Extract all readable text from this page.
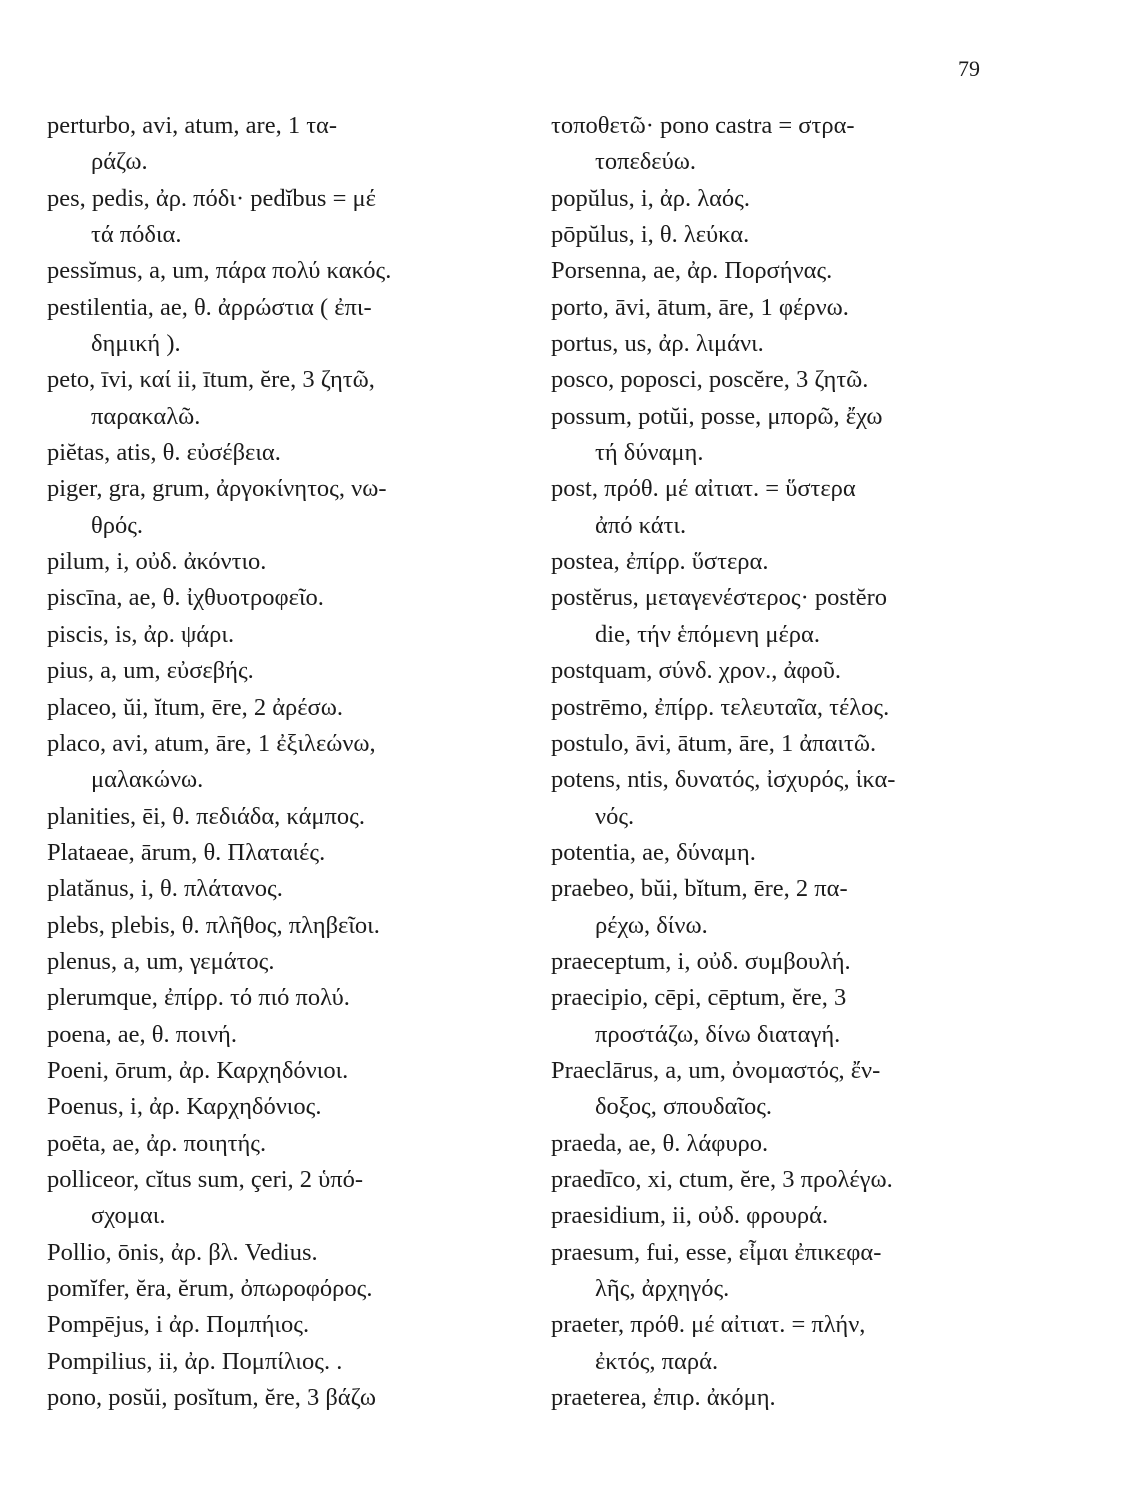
79
perturbo, avi, atum, are, 1 τα-
ράζω.
pes, pedis, ἀρ. πόδι· pedĭbus = μέ
τά πόδια.
pessĭmus, a, um, πάρα πολύ κακός.
pestilentia, ae, θ. ἀρρώστια ( ἐπι-
δημική ).
peto, īvi, καί ii, ītum, ĕre, 3 ζητῶ,
παρακαλῶ.
piĕtas, atis, θ. εὐσέβεια.
piger, gra, grum, ἀργοκίνητος, νω-
θρός.
pilum, i, οὐδ. ἀκόντιο.
piscīna, ae, θ. ἰχθυοτροφεῖο.
piscis, is, ἀρ. ψάρι.
pius, a, um, εὐσεβής.
placeo, ŭi, ĭtum, ēre, 2 ἀρέσω.
placo, avi, atum, āre, 1 ἐξιλεώνω,
μαλακώνω.
planities, ēi, θ. πεδιάδα, κάμπος.
Plataeae, ārum, θ. Πλαταιές.
platănus, i, θ. πλάτανος.
plebs, plebis, θ. πλῆθος, πληβεῖοι.
plenus, a, um, γεμάτος.
plerumque, ἐπίρρ. τό πιό πολύ.
poena, ae, θ. ποινή.
Poeni, ōrum, ἀρ. Καρχηδόνιοι.
Poenus, i, ἀρ. Καρχηδόνιος.
poēta, ae, ἀρ. ποιητής.
polliceor, cĭtus sum, çeri, 2 ὑπό-
σχομαι.
Pollio, ōnis, ἀρ. βλ. Vedius.
pomĭfer, ĕra, ĕrum, ὀπωροφόρος.
Pompējus, i ἀρ. Πομπήιος.
Pompilius, ii, ἀρ. Πομπίλιος. .
pono, posŭi, posĭtum, ĕre, 3 βάζω
τοποθετῶ· pono castra = στρα-
τοπεδεύω.
popŭlus, i, ἀρ. λαός.
pōpŭlus, i, θ. λεύκα.
Porsenna, ae, ἀρ. Πορσήνας.
porto, āvi, ātum, āre, 1 φέρνω.
portus, us, ἀρ. λιμάνι.
posco, poposci, poscĕre, 3 ζητῶ.
possum, potŭi, posse, μπορῶ, ἔχω
τή δύναμη.
post, πρόθ. μέ αἰτιατ. = ὕστερα
ἀπό κάτι.
postea, ἐπίρρ. ὕστερα.
postĕrus, μεταγενέστερος· postĕro
die, τήν ἑπόμενη μέρα.
postquam, σύνδ. χρον., ἀφοῦ.
postrēmo, ἐπίρρ. τελευταῖα, τέλος.
postulo, āvi, ātum, āre, 1 ἀπαιτῶ.
potens, ntis, δυνατός, ἰσχυρός, ἱκα-
νός.
potentia, ae, δύναμη.
praebeo, bŭi, bĭtum, ēre, 2 πα-
ρέχω, δίνω.
praeceptum, i, οὐδ. συμβουλή.
praecipio, cēpi, cēptum, ĕre, 3
προστάζω, δίνω διαταγή.
Praeclārus, a, um, ὀνομαστός, ἔν-
δοξος, σπουδαῖος.
praeda, ae, θ. λάφυρο.
praedīco, xi, ctum, ĕre, 3 προλέγω.
praesidium, ii, οὐδ. φρουρά.
praesum, fui, esse, εἶμαι ἐπικεφα-
λῆς, ἀρχηγός.
praeter, πρόθ. μέ αἰτιατ. = πλήν,
ἐκτός, παρά.
praeterea, ἐπιρ. ἀκόμη.
